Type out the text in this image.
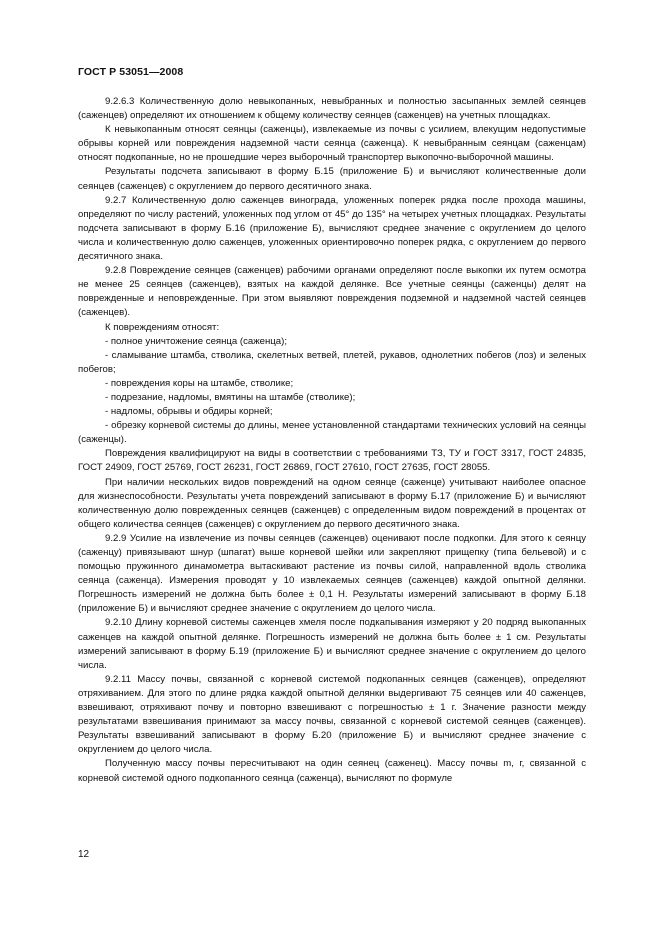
ГОСТ Р 53051—2008

9.2.6.3 Количественную долю невыкопанных, невыбранных и полностью засыпанных землей сеянцев (саженцев) определяют их отношением к общему количеству сеянцев (саженцев) на учетных площадках.

К невыкопанным относят сеянцы (саженцы), извлекаемые из почвы с усилием, влекущим недопустимые обрывы корней или повреждения надземной части сеянца (саженца). К невыбранным сеянцам (саженцам) относят подкопанные, но не прошедшие через выборочный транспортер выкопочно-выборочной машины.

Результаты подсчета записывают в форму Б.15 (приложение Б) и вычисляют количественные доли сеянцев (саженцев) с округлением до первого десятичного знака.

9.2.7 Количественную долю саженцев винограда, уложенных поперек рядка после прохода машины, определяют по числу растений, уложенных под углом от 45° до 135° на четырех учетных площадках. Результаты подсчета записывают в форму Б.16 (приложение Б), вычисляют среднее значение с округлением до целого числа и количественную долю саженцев, уложенных ориентировочно поперек рядка, с округлением до первого десятичного знака.

9.2.8 Повреждение сеянцев (саженцев) рабочими органами определяют после выкопки их путем осмотра не менее 25 сеянцев (саженцев), взятых на каждой делянке. Все учетные сеянцы (саженцы) делят на поврежденные и неповрежденные. При этом выявляют повреждения подземной и надземной частей сеянцев (саженцев).

К повреждениям относят:

- полное уничтожение сеянца (саженца);

- сламывание штамба, стволика, скелетных ветвей, плетей, рукавов, однолетних побегов (лоз) и зеленых побегов;

- повреждения коры на штамбе, стволике;

- подрезание, надломы, вмятины на штамбе (стволике);

- надломы, обрывы и обдиры корней;

- обрезку корневой системы до длины, менее установленной стандартами технических условий на сеянцы (саженцы).

Повреждения квалифицируют на виды в соответствии с требованиями ТЗ, ТУ и ГОСТ 3317, ГОСТ 24835, ГОСТ 24909, ГОСТ 25769, ГОСТ 26231, ГОСТ 26869, ГОСТ 27610, ГОСТ 27635, ГОСТ 28055.

При наличии нескольких видов повреждений на одном сеянце (саженце) учитывают наиболее опасное для жизнеспособности. Результаты учета повреждений записывают в форму Б.17 (приложение Б) и вычисляют количественную долю поврежденных сеянцев (саженцев) с определенным видом повреждений в процентах от общего количества сеянцев (саженцев) с округлением до первого десятичного знака.

9.2.9 Усилие на извлечение из почвы сеянцев (саженцев) оценивают после подкопки. Для этого к сеянцу (саженцу) привязывают шнур (шпагат) выше корневой шейки или закрепляют прищепку (типа бельевой) и с помощью пружинного динамометра вытаскивают растение из почвы силой, направленной вдоль стволика сеянца (саженца). Измерения проводят у 10 извлекаемых сеянцев (саженцев) каждой опытной делянки. Погрешность измерений не должна быть более ± 0,1 Н. Результаты измерений записывают в форму Б.18 (приложение Б) и вычисляют среднее значение с округлением до целого числа.

9.2.10 Длину корневой системы саженцев хмеля после подкапывания измеряют у 20 подряд выкопанных саженцев на каждой опытной делянке. Погрешность измерений не должна быть более ± 1 см. Результаты измерений записывают в форму Б.19 (приложение Б) и вычисляют среднее значение с округлением до целого числа.

9.2.11 Массу почвы, связанной с корневой системой подкопанных сеянцев (саженцев), определяют отряхиванием. Для этого по длине рядка каждой опытной делянки выдергивают 75 сеянцев или 40 саженцев, взвешивают, отряхивают почву и повторно взвешивают с погрешностью ± 1 г. Значение разности между результатами взвешивания принимают за массу почвы, связанной с корневой системой сеянцев (саженцев). Результаты взвешиваний записывают в форму Б.20 (приложение Б) и вычисляют среднее значение с округлением до целого числа.

Полученную массу почвы пересчитывают на один сеянец (саженец). Массу почвы m, г, связанной с корневой системой одного подкопанного сеянца (саженца), вычисляют по формуле

12
